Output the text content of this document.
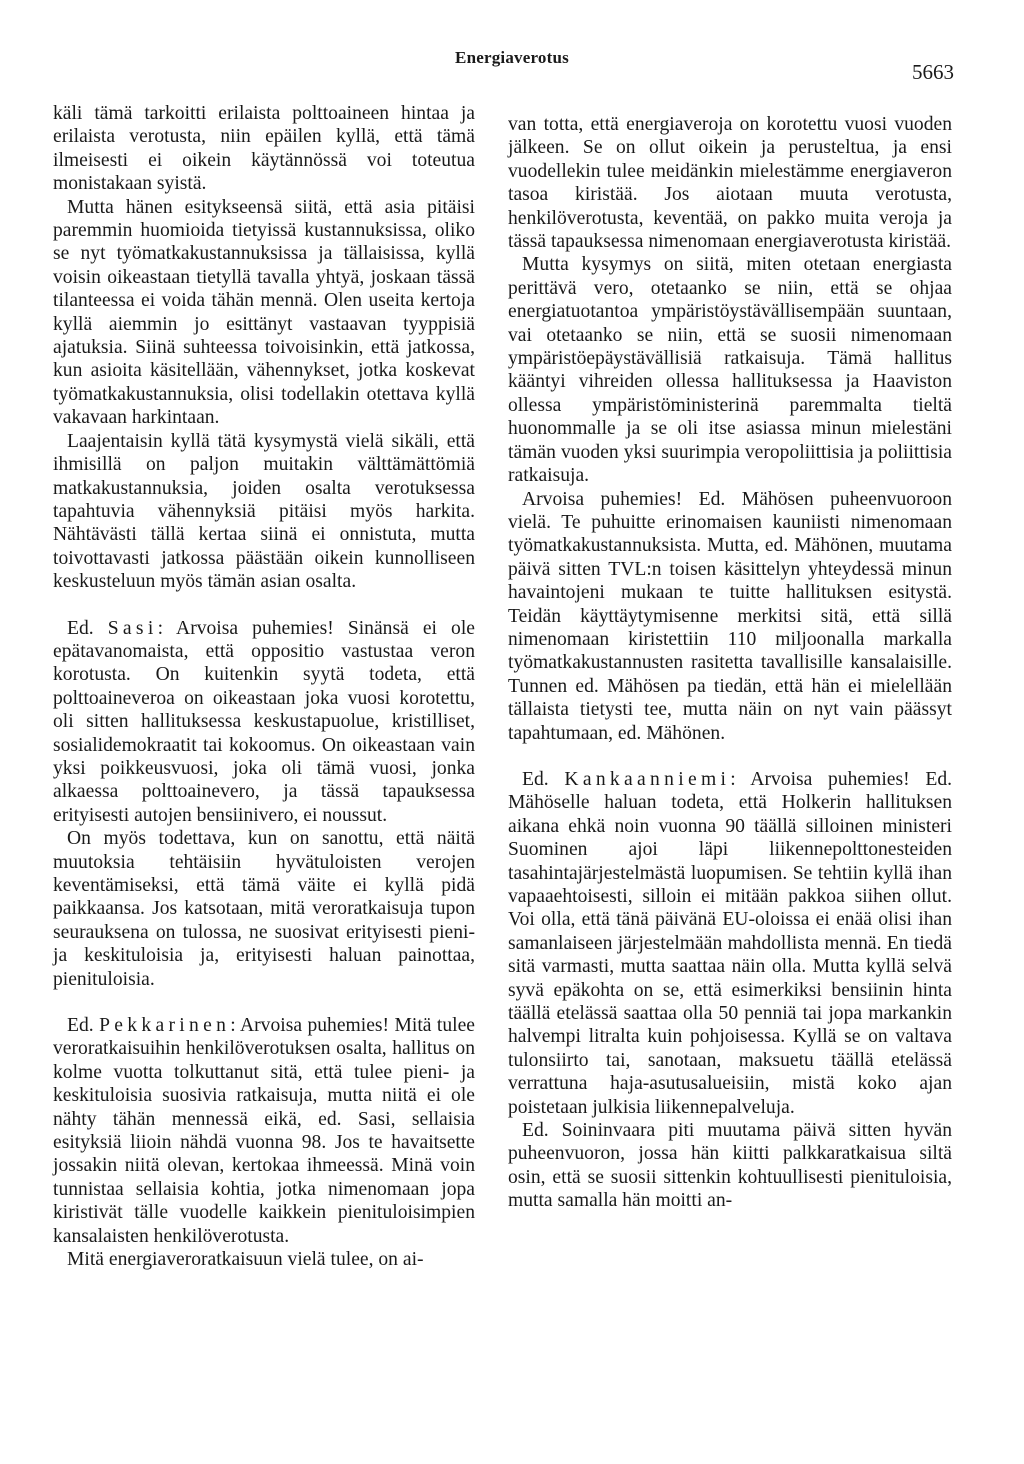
Energiaverotus
5663

käli tämä tarkoitti erilaista polttoaineen hintaa ja erilaista verotusta, niin epäilen kyllä, että tämä ilmeisesti ei oikein käytännössä voi toteutua monistakaan syistä.

Mutta hänen esitykseensä siitä, että asia pitäisi paremmin huomioida tietyissä kustannuksissa, oliko se nyt työmatkakustannuksissa ja tällaisissa, kyllä voisin oikeastaan tietyllä tavalla yhtyä, joskaan tässä tilanteessa ei voida tähän mennä. Olen useita kertoja kyllä aiemmin jo esittänyt vastaavan tyyppisiä ajatuksia. Siinä suhteessa toivoisinkin, että jatkossa, kun asioita käsitellään, vähennykset, jotka koskevat työmatkakustannuksia, olisi todellakin otettava kyllä vakavaan harkintaan.

Laajentaisin kyllä tätä kysymystä vielä sikäli, että ihmisillä on paljon muitakin välttämättömiä matkakustannuksia, joiden osalta verotuksessa tapahtuvia vähennyksiä pitäisi myös harkita. Nähtävästi tällä kertaa siinä ei onnistuta, mutta toivottavasti jatkossa päästään oikein kunnolliseen keskusteluun myös tämän asian osalta.

Ed. Sasi: Arvoisa puhemies! Sinänsä ei ole epätavanomaista, että oppositio vastustaa veron korotusta. On kuitenkin syytä todeta, että polttoaineveroa on oikeastaan joka vuosi korotettu, oli sitten hallituksessa keskustapuolue, kristilliset, sosialidemokraatit tai kokoomus. On oikeastaan vain yksi poikkeusvuosi, joka oli tämä vuosi, jonka alkaessa polttoainevero, ja tässä tapauksessa erityisesti autojen bensiinivero, ei noussut.

On myös todettava, kun on sanottu, että näitä muutoksia tehtäisiin hyvätuloisten verojen keventämiseksi, että tämä väite ei kyllä pidä paikkaansa. Jos katsotaan, mitä veroratkaisuja tupon seurauksena on tulossa, ne suosivat erityisesti pieni- ja keskituloisia ja, erityisesti haluan painottaa, pienituloisia.

Ed. Pekkarinen: Arvoisa puhemies! Mitä tulee veroratkaisuihin henkilöverotuksen osalta, hallitus on kolme vuotta tolkuttanut sitä, että tulee pieni- ja keskituloisia suosivia ratkaisuja, mutta niitä ei ole nähty tähän mennessä eikä, ed. Sasi, sellaisia esityksiä liioin nähdä vuonna 98. Jos te havaitsette jossakin niitä olevan, kertokaa ihmeessä. Minä voin tunnistaa sellaisia kohtia, jotka nimenomaan jopa kiristivät tälle vuodelle kaikkein pienituloisimpien kansalaisten henkilöverotusta.

Mitä energiaveroratkaisuun vielä tulee, on ai-

van totta, että energiaveroja on korotettu vuosi vuoden jälkeen. Se on ollut oikein ja perusteltua, ja ensi vuodellekin tulee meidänkin mielestämme energiaveron tasoa kiristää. Jos aiotaan muuta verotusta, henkilöverotusta, keventää, on pakko muita veroja ja tässä tapauksessa nimenomaan energiaverotusta kiristää.

Mutta kysymys on siitä, miten otetaan energiasta perittävä vero, otetaanko se niin, että se ohjaa energiatuotantoa ympäristöystävällisempään suuntaan, vai otetaanko se niin, että se suosii nimenomaan ympäristöepäystävällisiä ratkaisuja. Tämä hallitus kääntyi vihreiden ollessa hallituksessa ja Haaviston ollessa ympäristöministerinä paremmalta tieltä huonommalle ja se oli itse asiassa minun mielestäni tämän vuoden yksi suurimpia veropoliittisia ja poliittisia ratkaisuja.

Arvoisa puhemies! Ed. Mähösen puheenvuoroon vielä. Te puhuitte erinomaisen kauniisti nimenomaan työmatkakustannuksista. Mutta, ed. Mähönen, muutama päivä sitten TVL:n toisen käsittelyn yhteydessä minun havaintojeni mukaan te tuitte hallituksen esitystä. Teidän käyttäytymisenne merkitsi sitä, että sillä nimenomaan kiristettiin 110 miljoonalla markalla työmatkakustannusten rasitetta tavallisille kansalaisille. Tunnen ed. Mähösen pa tiedän, että hän ei mielellään tällaista tietysti tee, mutta näin on nyt vain päässyt tapahtumaan, ed. Mähönen.

Ed. Kankaanniemi: Arvoisa puhemies! Ed. Mähöselle haluan todeta, että Holkerin hallituksen aikana ehkä noin vuonna 90 täällä silloinen ministeri Suominen ajoi läpi liikennepolttonesteiden tasahintajärjestelmästä luopumisen. Se tehtiin kyllä ihan vapaaehtoisesti, silloin ei mitään pakkoa siihen ollut. Voi olla, että tänä päivänä EU-oloissa ei enää olisi ihan samanlaiseen järjestelmään mahdollista mennä. En tiedä sitä varmasti, mutta saattaa näin olla. Mutta kyllä selvä syvä epäkohta on se, että esimerkiksi bensiinin hinta täällä etelässä saattaa olla 50 penniä tai jopa markankin halvempi litralta kuin pohjoisessa. Kyllä se on valtava tulonsiirto tai, sanotaan, maksuetu täällä etelässä verrattuna haja-asutusalueisiin, mistä koko ajan poistetaan julkisia liikennepalveluja.

Ed. Soininvaara piti muutama päivä sitten hyvän puheenvuoron, jossa hän kiitti palkkaratkaisua siltä osin, että se suosii sittenkin kohtuullisesti pienituloisia, mutta samalla hän moitti an-
